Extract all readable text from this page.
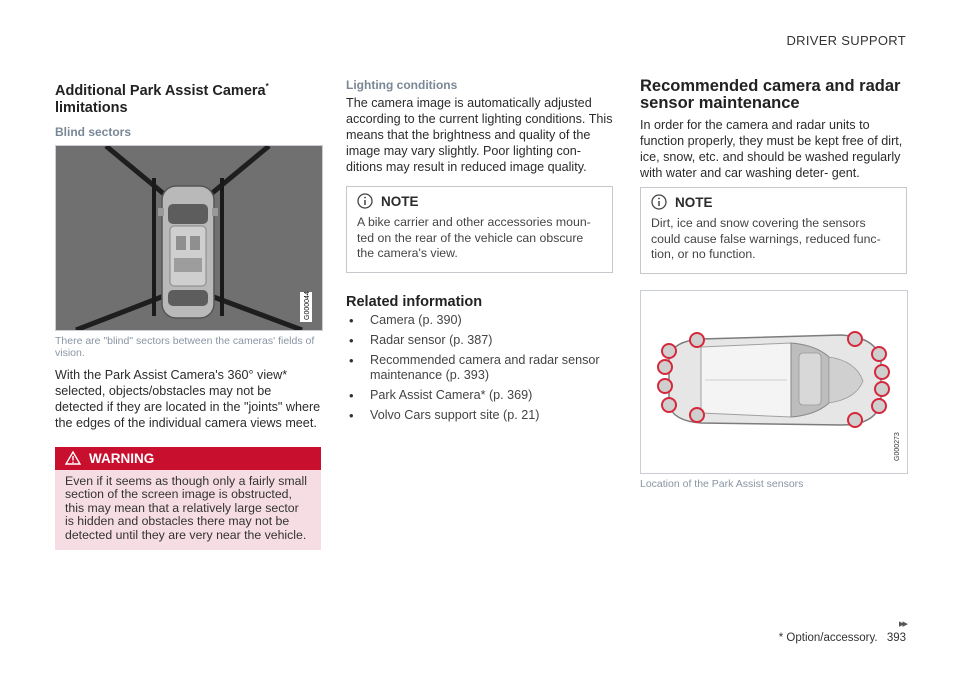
DRIVER SUPPORT
Additional Park Assist Camera*
limitations
Blind sectors
G000044
There are "blind" sectors between the cameras' fields of vision.

With the Park Assist Camera's 360° view* selected, objects/obstacles may not be detected if they are located in the "joints" where the edges of the individual camera views meet.

WARNING

Even if it seems as though only a fairly small section of the screen image is obstructed, this may mean that a relatively large sector is hidden and obstacles there may not be detected until they are very near the vehicle.

Lighting conditions

The camera image is automatically adjusted according to the current lighting conditions. This means that the brightness and quality of the image may vary slightly. Poor lighting con- ditions may result in reduced image quality.

NOTE

A bike carrier and other accessories moun- ted on the rear of the vehicle can obscure the camera's view.

Related information
• Camera (p. 390)
• Radar sensor (p. 387)
• Recommended camera and radar sensor maintenance (p. 393)
• Park Assist Camera* (p. 369)
• Volvo Cars support site (p. 21)
Recommended camera and radar sensor maintenance

In order for the camera and radar units to function properly, they must be kept free of dirt, ice, snow, etc. and should be washed regularly with water and car washing deter- gent.

NOTE

Dirt, ice and snow covering the sensors could cause false warnings, reduced func- tion, or no function.

G000273
Location of the Park Assist sensors
▸▸
* Option/accessory. 393
